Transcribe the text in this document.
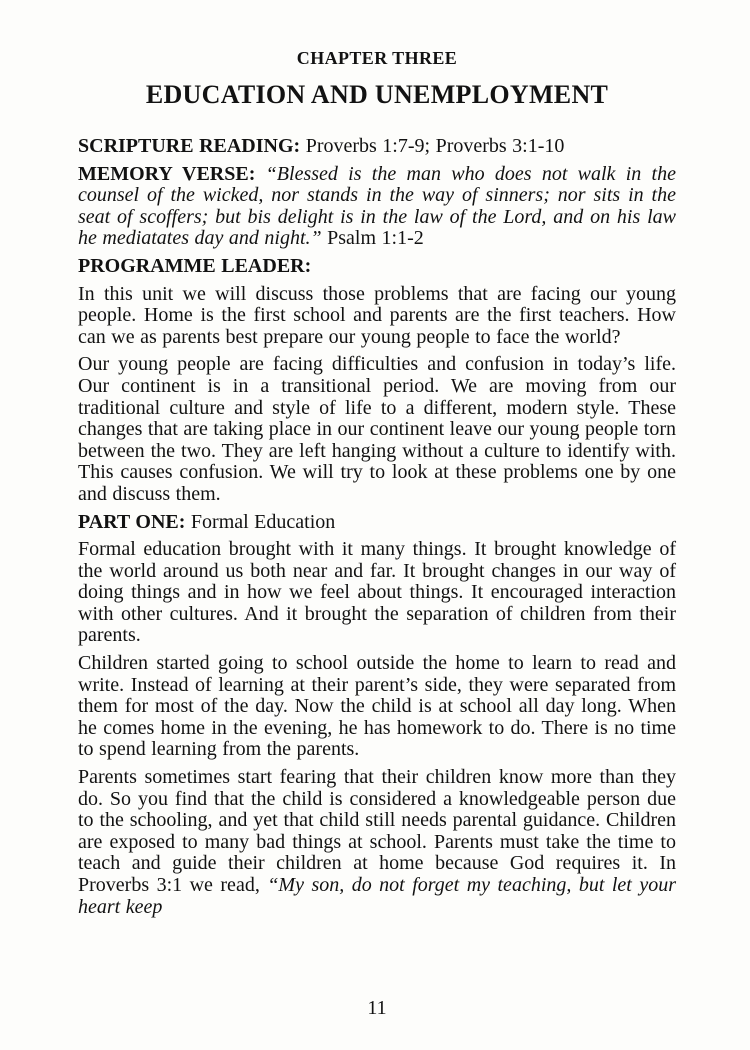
CHAPTER THREE
EDUCATION AND UNEMPLOYMENT

SCRIPTURE READING: Proverbs 1:7-9; Proverbs 3:1-10

MEMORY VERSE: “Blessed is the man who does not walk in the counsel of the wicked, nor stands in the way of sinners; nor sits in the seat of scoffers; but bis delight is in the law of the Lord, and on his law he mediatates day and night.” Psalm 1:1-2

PROGRAMME LEADER:

In this unit we will discuss those problems that are facing our young people. Home is the first school and parents are the first teachers. How can we as parents best prepare our young people to face the world?

Our young people are facing difficulties and confusion in today’s life. Our continent is in a transitional period. We are moving from our traditional culture and style of life to a different, modern style. These changes that are taking place in our continent leave our young people torn between the two. They are left hanging without a culture to identify with. This causes confusion. We will try to look at these problems one by one and discuss them.

PART ONE: Formal Education

Formal education brought with it many things. It brought knowledge of the world around us both near and far. It brought changes in our way of doing things and in how we feel about things. It encouraged interaction with other cultures. And it brought the separation of children from their parents.

Children started going to school outside the home to learn to read and write. Instead of learning at their parent’s side, they were separated from them for most of the day. Now the child is at school all day long. When he comes home in the evening, he has homework to do. There is no time to spend learning from the parents.

Parents sometimes start fearing that their children know more than they do. So you find that the child is considered a knowledgeable person due to the schooling, and yet that child still needs parental guidance. Children are exposed to many bad things at school. Parents must take the time to teach and guide their children at home because God requires it. In Proverbs 3:1 we read, “My son, do not forget my teaching, but let your heart keep

11
